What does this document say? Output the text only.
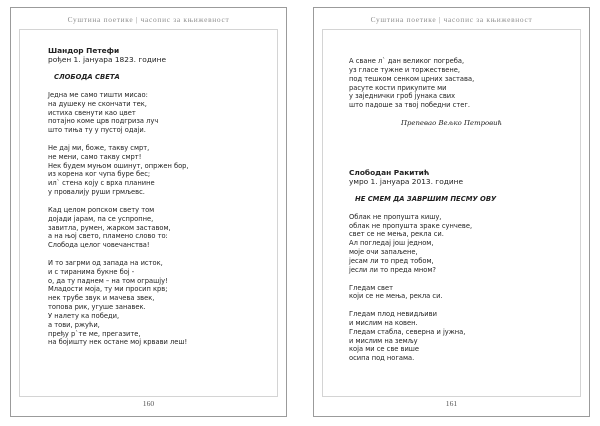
Суштина поетике | часопис за књижевност
Шандор Петефи
рођен 1. јануара 1823. године
СЛОБОДА СВЕТА
Једна ме само тишти мисао:
на душеку не скончати тек,
истиха свенути као цвет
потајно коме црв подгризa луч
што тиња ту у пустој одаји.
Не дај ми, боже, такву смрт,
не мени, само такву смрт!
Нек будем муњом ошинут, опржен бор,
из корена ког чупа буре бес;
ил` стена којy с врха планине
у провалију руши грмљевс.
Кад целом ропском свету том
дојади јарам, па се успропне,
завитла, румен, жарком заставом,
а на њој свето, пламено слово то:
Слобода целог човечанства!
И то загрми од запада на исток,
и с тиранима букне бој -
о, да ту паднем – на том огрaшју!
Младости моја, ту ми просип крв;
нек трубе звук и мачева звек,
топова рик, угуше занавек.
У налету ка победи,
а тови, ржући,
пређу р`те ме, прегазите,
на бојишту нек остане мој крвави леш!
160
Суштина поетике | часопис за књижевност
А сване л` дан великог погреба,
уз гласе тужне и торжествене,
под тешком сенком црних застава,
расуте кости прикупите ми
у заједнички гроб јунака свих
што падоше за твој победни стег.
Препевао Вељко Петровић
Слободан Ракитић
умро 1. јануара 2013. године
НЕ СМЕМ ДА ЗАВРШИМ ПЕСМУ ОВУ
Облак не пропушта кишу,
облак не пропушта зраке сунчеве,
свет се не мења, рекла си.
Ал погледај још једном,
моје очи запаљене,
јесам ли то пред тобом,
јесли ли то преда мном?
Гледам свет
који се не мења, рекла си.
Гледам плод невидљиви
и мислим на ковен.
Гледам стабла, северна и јужна,
и мислим на земљу
која ми се све више
осипа под ногама.
161
